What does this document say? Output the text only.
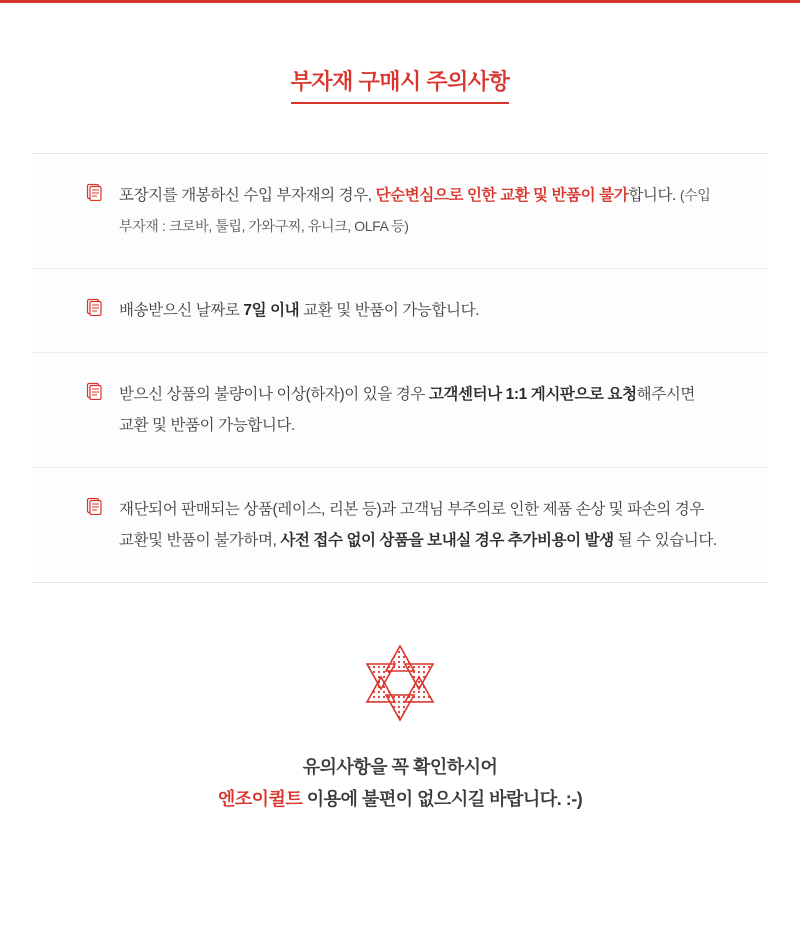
부자재 구매시 주의사항
포장지를 개봉하신 수입 부자재의 경우, 단순변심으로 인한 교환 및 반품이 불가합니다. (수입 부자재 : 크로바, 툴립, 가와구찌, 유니크, OLFA 등)
배송받으신 날짜로 7일 이내 교환 및 반품이 가능합니다.
받으신 상품의 불량이나 이상(하자)이 있을 경우 고객센터나 1:1 게시판으로 요청해주시면 교환 및 반품이 가능합니다.
재단되어 판매되는 상품(레이스, 리본 등)과 고객님 부주의로 인한 제품 손상 및 파손의 경우 교환및 반품이 불가하며, 사전 접수 없이 상품을 보내실 경우 추가비용이 발생 될 수 있습니다.
유의사항을 꼭 확인하시어
엔조이퀼트 이용에 불편이 없으시길 바랍니다. :-)
